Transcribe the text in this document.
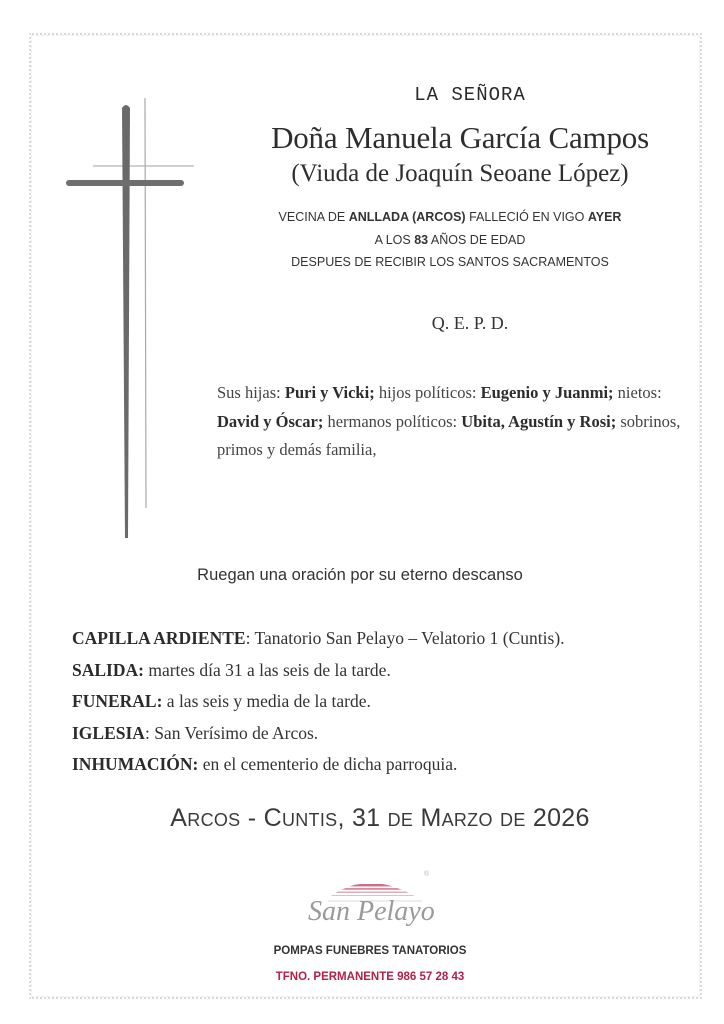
LA SEÑORA
Doña Manuela García Campos
(Viuda de Joaquín Seoane López)
VECINA DE ANLLADA (ARCOS) FALLECIÓ EN VIGO AYER
A LOS 83 AÑOS DE EDAD
DESPUES DE RECIBIR LOS SANTOS SACRAMENTOS
Q. E. P. D.
Sus hijas: Puri y Vicki; hijos políticos: Eugenio y Juanmi; nietos: David y Óscar; hermanos políticos: Ubita, Agustín y Rosi; sobrinos, primos y demás familia,
Ruegan una oración por su eterno descanso
CAPILLA ARDIENTE: Tanatorio San Pelayo – Velatorio 1 (Cuntis).
SALIDA: martes día 31 a las seis de la tarde.
FUNERAL: a las seis y media de la tarde.
IGLESIA: San Verísimo de Arcos.
INHUMACIÓN: en el cementerio de dicha parroquia.
Arcos - Cuntis, 31 de Marzo de 2026
®
San Pelayo
POMPAS FUNEBRES TANATORIOS
TFNO. PERMANENTE 986 57 28 43
